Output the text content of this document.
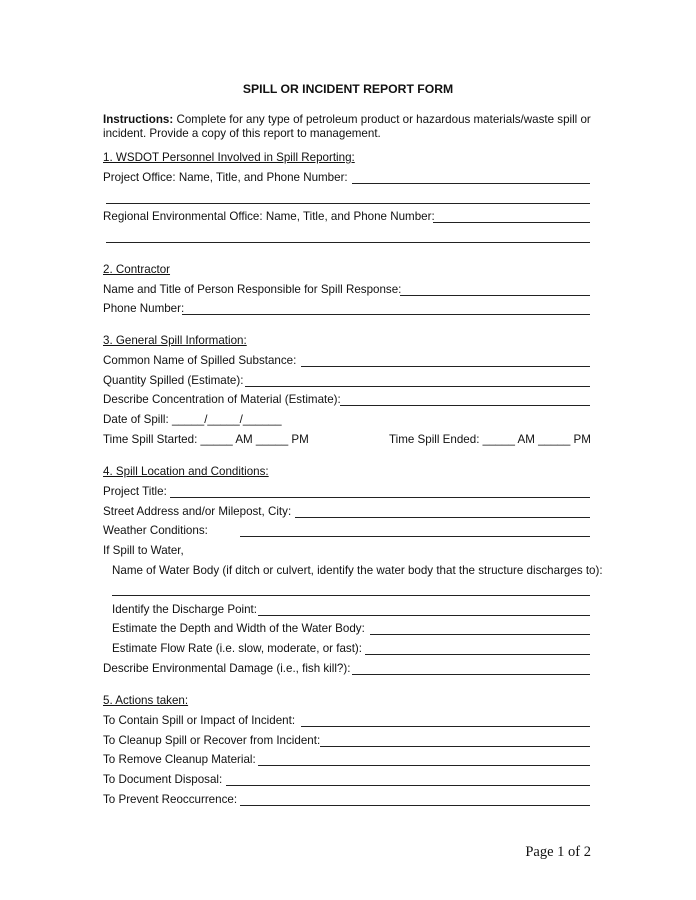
SPILL OR INCIDENT REPORT FORM
Instructions: Complete for any type of petroleum product or hazardous materials/waste spill or incident. Provide a copy of this report to management.
1. WSDOT Personnel Involved in Spill Reporting:
Project Office: Name, Title, and Phone Number:
Regional Environmental Office: Name, Title, and Phone Number:
2. Contractor
Name and Title of Person Responsible for Spill Response:
Phone Number:
3. General Spill Information:
Common Name of Spilled Substance:
Quantity Spilled (Estimate):
Describe Concentration of Material (Estimate):
Date of Spill: _____/_____/______
Time Spill Started: _____ AM _____ PM	Time Spill Ended: _____ AM _____ PM
4. Spill Location and Conditions:
Project Title:
Street Address and/or Milepost, City:
Weather Conditions:
If Spill to Water,
Name of Water Body (if ditch or culvert, identify the water body that the structure discharges to):
Identify the Discharge Point:
Estimate the Depth and Width of the Water Body:
Estimate Flow Rate (i.e. slow, moderate, or fast):
Describe Environmental Damage (i.e., fish kill?):
5. Actions taken:
To Contain Spill or Impact of Incident:
To Cleanup Spill or Recover from Incident:
To Remove Cleanup Material:
To Document Disposal:
To Prevent Reoccurrence:
Page 1 of 2
